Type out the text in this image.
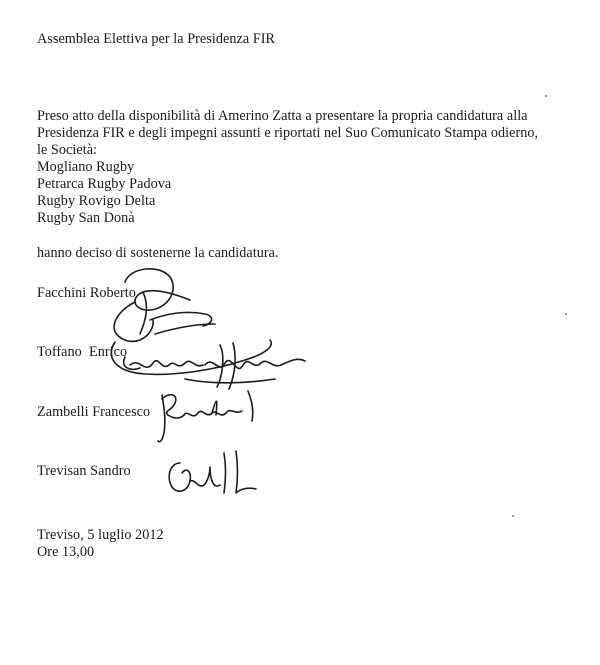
Assemblea Elettiva per la Presidenza FIR
Preso atto della disponibilità di Amerino Zatta a presentare la propria candidatura alla
Presidenza FIR e degli impegni assunti e riportati nel Suo Comunicato Stampa odierno,
le Società:
Mogliano Rugby
Petrarca Rugby Padova
Rugby Rovigo Delta
Rugby San Donà
hanno deciso di sostenerne la candidatura.
Facchini Roberto
Toffano  Enrico
Zambelli Francesco
Trevisan Sandro
Treviso, 5 luglio 2012
Ore 13,00
